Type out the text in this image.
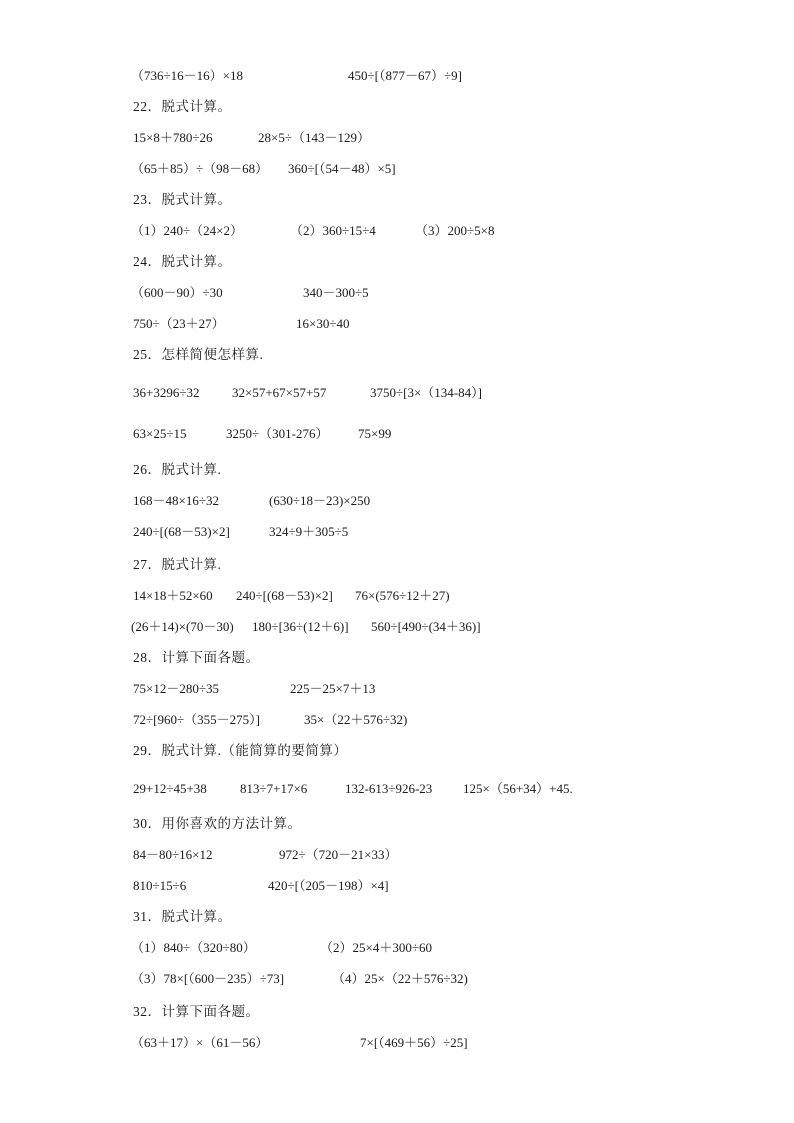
（736÷16－16）×18	450÷[（877－67）÷9]
22．脱式计算。
15×8＋780÷26	28×5÷（143－129）
（65＋85）÷（98－68） 360÷[（54－48）×5]
23．脱式计算。
（1）240÷（24×2）	（2）360÷15÷4	（3）200÷5×8
24．脱式计算。
（600－90）÷30	340－300÷5
750÷（23＋27）	16×30÷40
25．怎样简便怎样算.
36+3296÷32	32×57+67×57+57	3750÷[3×（134-84）]
63×25÷15	3250÷（301-276） 75×99
26．脱式计算.
168－48×16÷32	(630÷18－23)×250
240÷[(68－53)×2]	324÷9＋305÷5
27．脱式计算.
14×18＋52×60 240÷[(68－53)×2] 76×(576÷12＋27)
(26＋14)×(70－30) 180÷[36÷(12＋6)] 560÷[490÷(34＋36)]
28．计算下面各题。
75×12－280÷35	225－25×7＋13
72÷[960÷（355－275）]	35×（22＋576÷32)
29．脱式计算.（能简算的要简算）
29+12÷45+38	813÷7+17×6	132-613÷926-23 125×（56+34）+45.
30．用你喜欢的方法计算。
84－80÷16×12	972÷（720－21×33）
810÷15÷6	420÷[（205－198）×4]
31．脱式计算。
（1）840÷（320÷80）	（2）25×4＋300÷60
（3）78×[（600－235）÷73]	（4）25×（22＋576÷32)
32．计算下面各题。
（63＋17）×（61－56）	7×[（469＋56）÷25]
